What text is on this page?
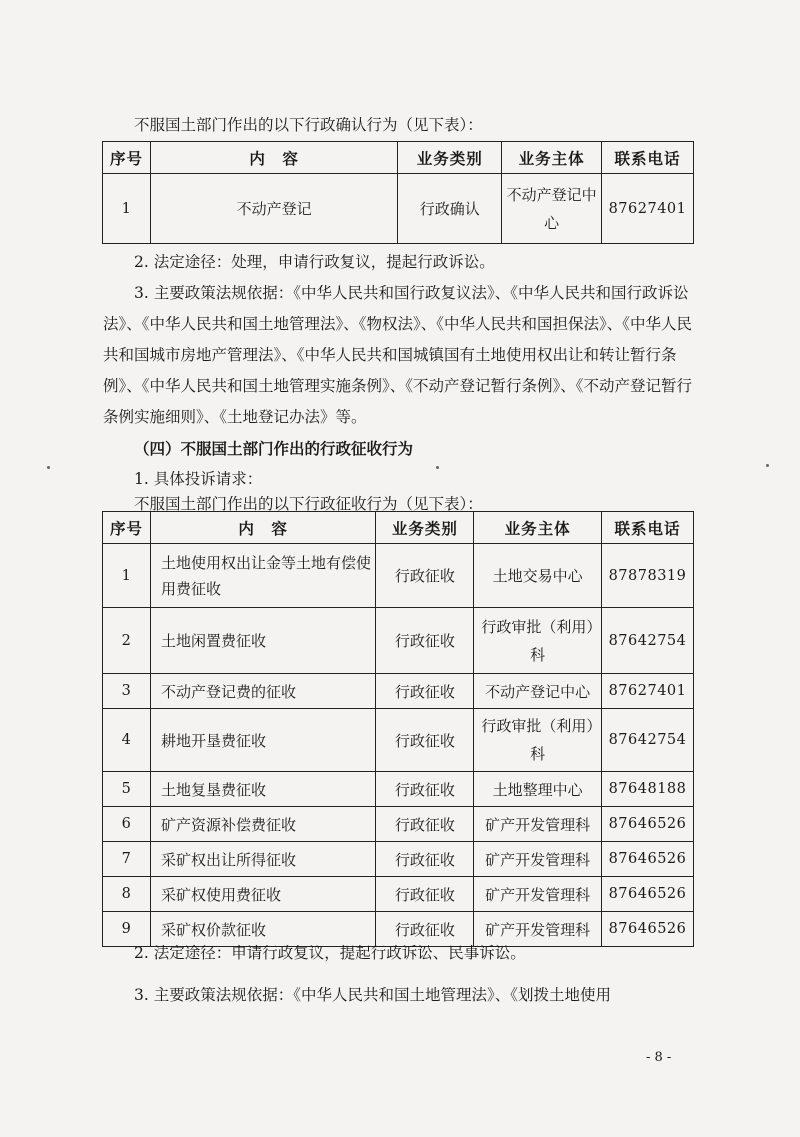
不服国土部门作出的以下行政确认行为（见下表）：

序号	内　容	业务类别	业务主体	联系电话
1	不动产登记	行政确认	不动产登记中心	87627401

2. 法定途径：处理，申请行政复议，提起行政诉讼。

3. 主要政策法规依据：《中华人民共和国行政复议法》、《中华人民共和国行政诉讼法》、《中华人民共和国土地管理法》、《物权法》、《中华人民共和国担保法》、《中华人民共和国城市房地产管理法》、《中华人民共和国城镇国有土地使用权出让和转让暂行条例》、《中华人民共和国土地管理实施条例》、《不动产登记暂行条例》、《不动产登记暂行条例实施细则》、《土地登记办法》等。

（四）不服国土部门作出的行政征收行为

1. 具体投诉请求：

不服国土部门作出的以下行政征收行为（见下表）：

序号	内　容	业务类别	业务主体	联系电话
1	土地使用权出让金等土地有偿使用费征收	行政征收	土地交易中心	87878319
2	土地闲置费征收	行政征收	行政审批（利用）科	87642754
3	不动产登记费的征收	行政征收	不动产登记中心	87627401
4	耕地开垦费征收	行政征收	行政审批（利用）科	87642754
5	土地复垦费征收	行政征收	土地整理中心	87648188
6	矿产资源补偿费征收	行政征收	矿产开发管理科	87646526
7	采矿权出让所得征收	行政征收	矿产开发管理科	87646526
8	采矿权使用费征收	行政征收	矿产开发管理科	87646526
9	采矿权价款征收	行政征收	矿产开发管理科	87646526

2. 法定途径：申请行政复议，提起行政诉讼、民事诉讼。

3. 主要政策法规依据：《中华人民共和国土地管理法》、《划拨土地使用

- 8 -
